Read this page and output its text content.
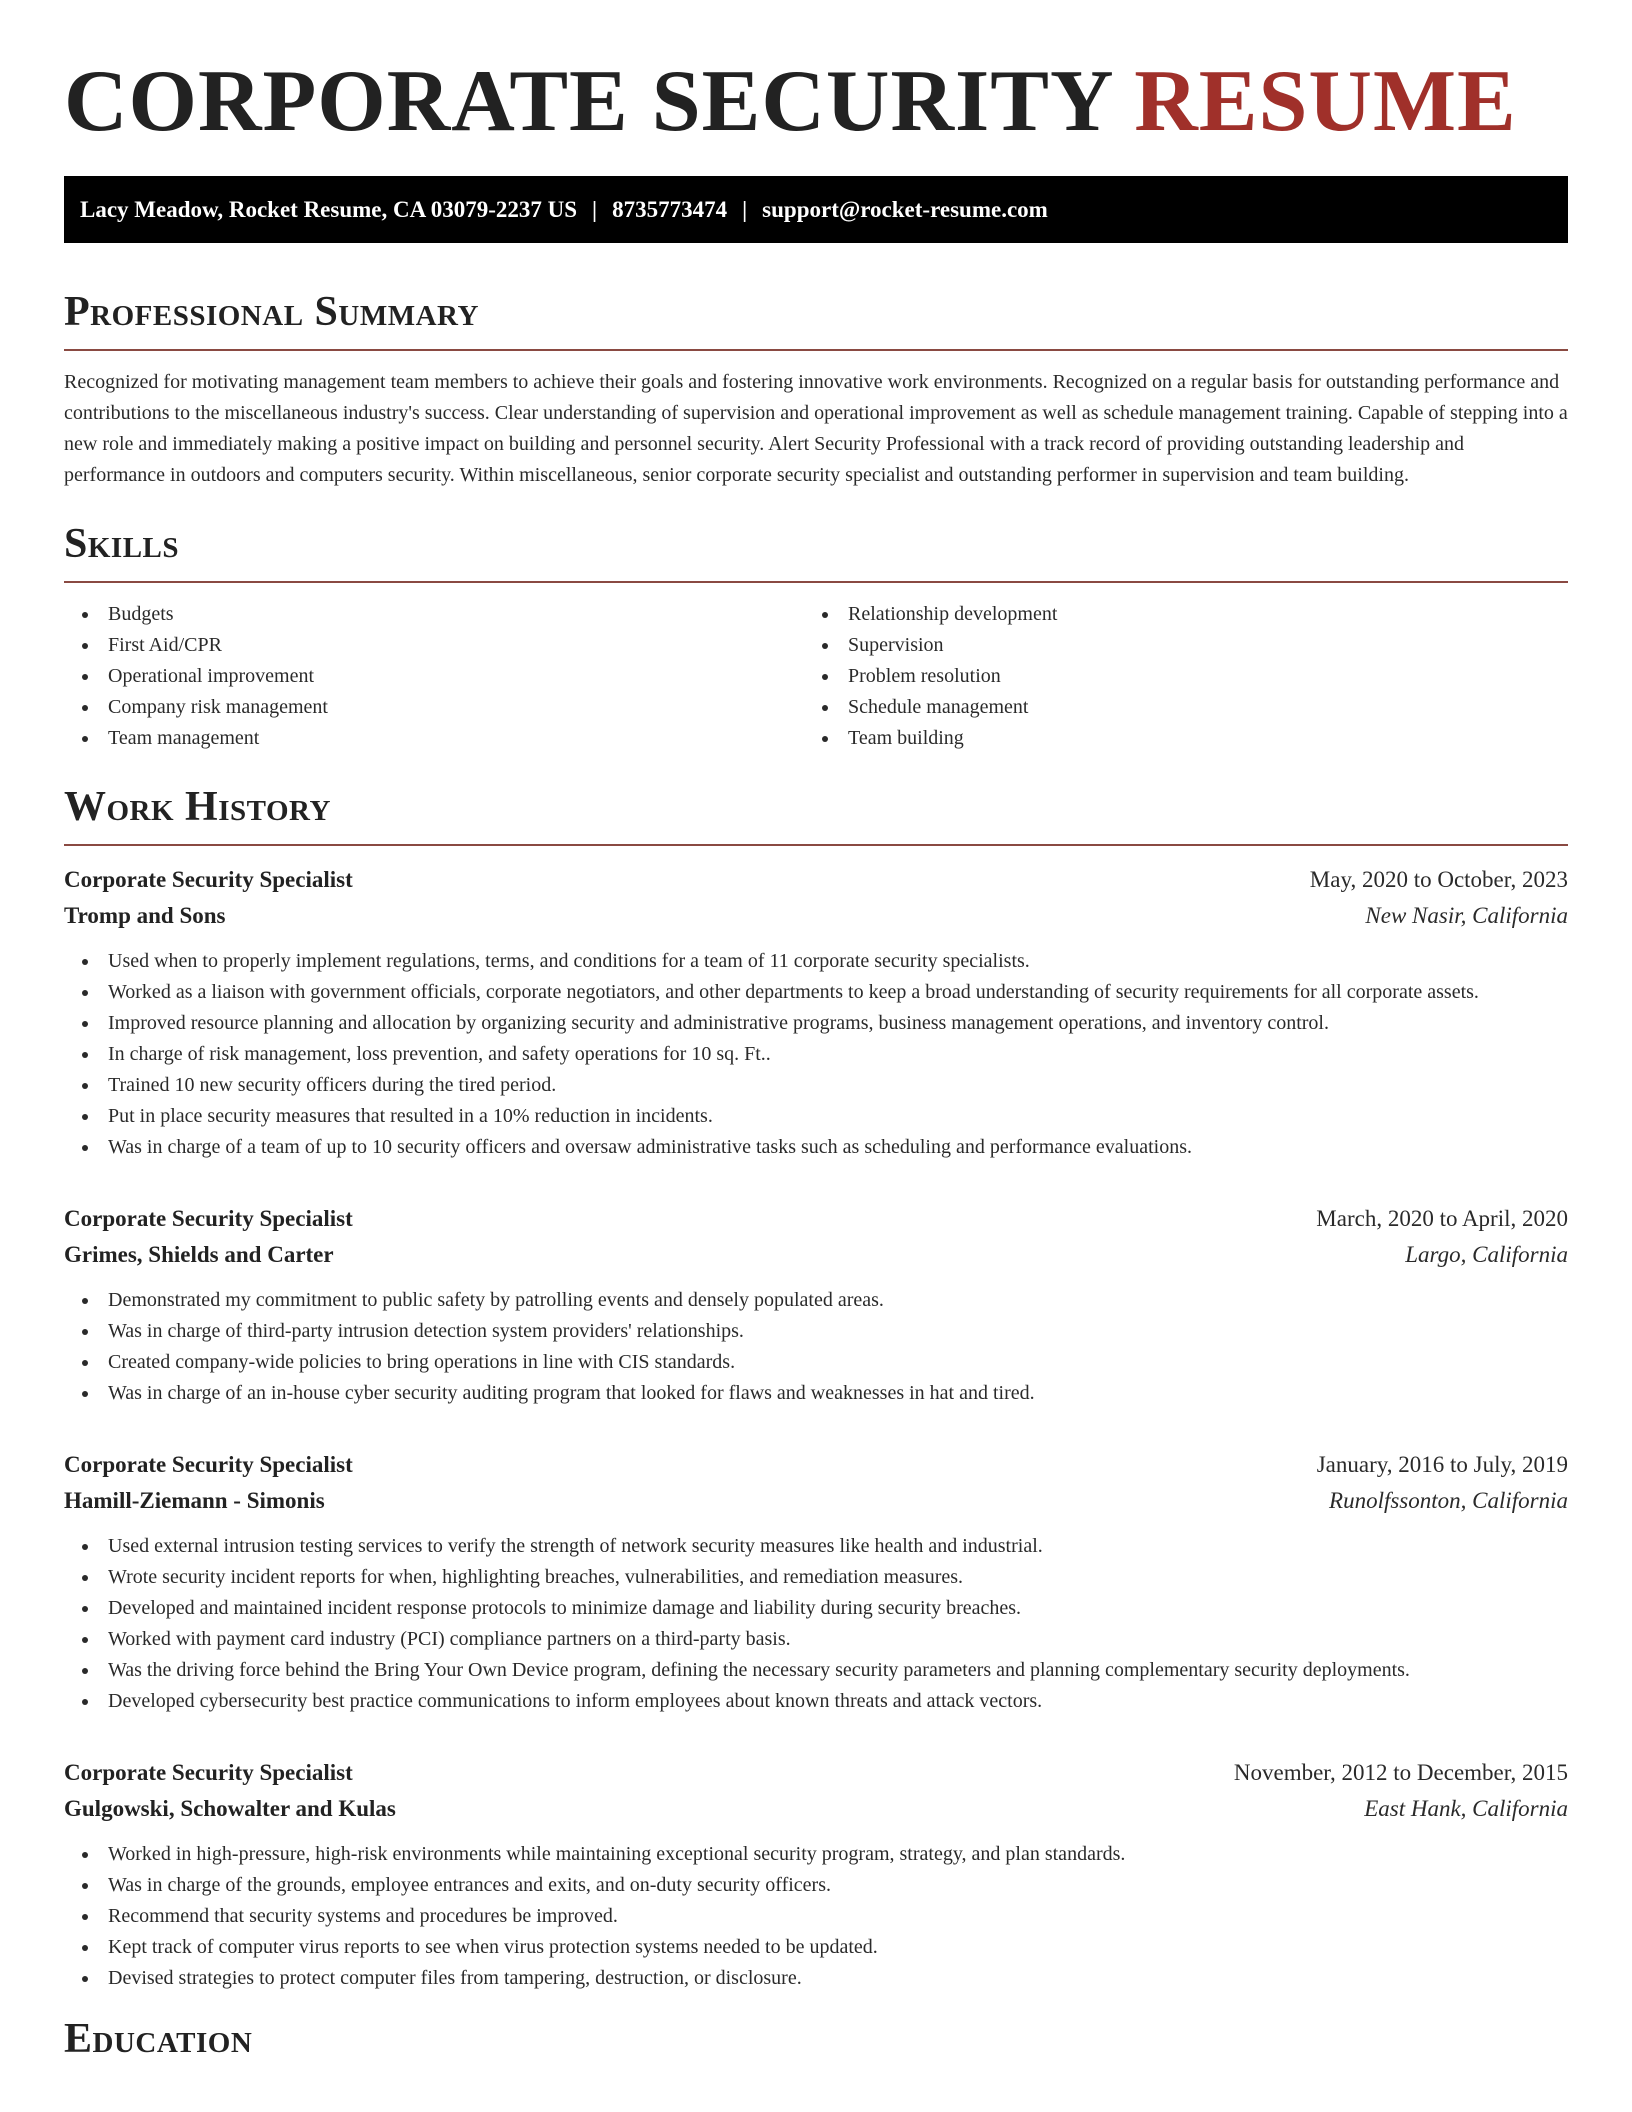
CORPORATE SECURITY RESUME
Lacy Meadow, Rocket Resume, CA 03079-2237 US | 8735773474 | support@rocket-resume.com
Professional Summary

Recognized for motivating management team members to achieve their goals and fostering innovative work environments. Recognized on a regular basis for outstanding performance and contributions to the miscellaneous industry's success. Clear understanding of supervision and operational improvement as well as schedule management training. Capable of stepping into a new role and immediately making a positive impact on building and personnel security. Alert Security Professional with a track record of providing outstanding leadership and performance in outdoors and computers security. Within miscellaneous, senior corporate security specialist and outstanding performer in supervision and team building.

Skills
Budgets
First Aid/CPR
Operational improvement
Company risk management
Team management
Relationship development
Supervision
Problem resolution
Schedule management
Team building
Work History
Corporate Security Specialist	May, 2020 to October, 2023
Tromp and Sons	New Nasir, California
Used when to properly implement regulations, terms, and conditions for a team of 11 corporate security specialists.
Worked as a liaison with government officials, corporate negotiators, and other departments to keep a broad understanding of security requirements for all corporate assets.
Improved resource planning and allocation by organizing security and administrative programs, business management operations, and inventory control.
In charge of risk management, loss prevention, and safety operations for 10 sq. Ft..
Trained 10 new security officers during the tired period.
Put in place security measures that resulted in a 10% reduction in incidents.
Was in charge of a team of up to 10 security officers and oversaw administrative tasks such as scheduling and performance evaluations.
Corporate Security Specialist	March, 2020 to April, 2020
Grimes, Shields and Carter	Largo, California
Demonstrated my commitment to public safety by patrolling events and densely populated areas.
Was in charge of third-party intrusion detection system providers' relationships.
Created company-wide policies to bring operations in line with CIS standards.
Was in charge of an in-house cyber security auditing program that looked for flaws and weaknesses in hat and tired.
Corporate Security Specialist	January, 2016 to July, 2019
Hamill-Ziemann - Simonis	Runolfssonton, California
Used external intrusion testing services to verify the strength of network security measures like health and industrial.
Wrote security incident reports for when, highlighting breaches, vulnerabilities, and remediation measures.
Developed and maintained incident response protocols to minimize damage and liability during security breaches.
Worked with payment card industry (PCI) compliance partners on a third-party basis.
Was the driving force behind the Bring Your Own Device program, defining the necessary security parameters and planning complementary security deployments.
Developed cybersecurity best practice communications to inform employees about known threats and attack vectors.
Corporate Security Specialist	November, 2012 to December, 2015
Gulgowski, Schowalter and Kulas	East Hank, California
Worked in high-pressure, high-risk environments while maintaining exceptional security program, strategy, and plan standards.
Was in charge of the grounds, employee entrances and exits, and on-duty security officers.
Recommend that security systems and procedures be improved.
Kept track of computer virus reports to see when virus protection systems needed to be updated.
Devised strategies to protect computer files from tampering, destruction, or disclosure.
Education
